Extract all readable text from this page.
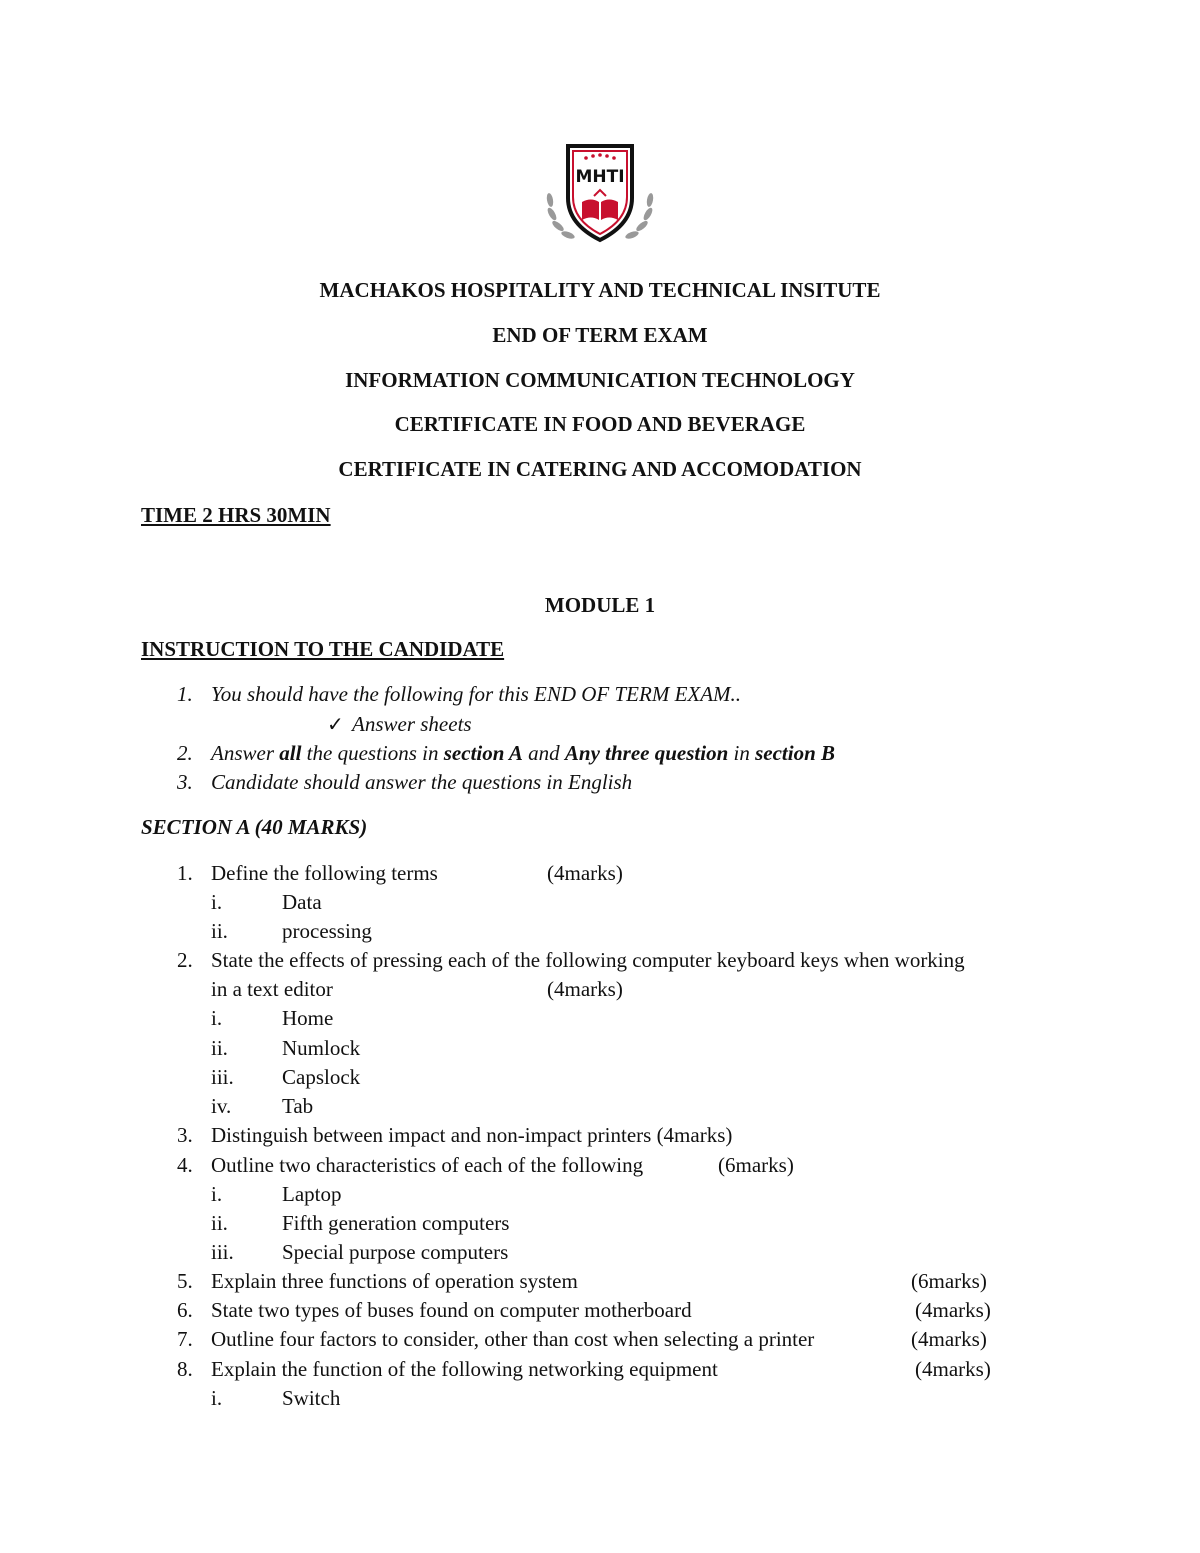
MHTI
MACHAKOS HOSPITALITY AND TECHNICAL INSITUTE
END OF TERM EXAM
INFORMATION COMMUNICATION TECHNOLOGY
CERTIFICATE IN FOOD AND BEVERAGE
CERTIFICATE IN CATERING AND ACCOMODATION
TIME 2 HRS 30MIN
MODULE 1
INSTRUCTION TO THE CANDIDATE
1. You should have the following for this END OF TERM EXAM..
✓ Answer sheets
2. Answer all the questions in section A and Any three question in section B
3. Candidate should answer the questions in English
SECTION A (40 MARKS)
1. Define the following terms	(4marks)
i.	Data
ii.	processing
2. State the effects of pressing each of the following computer keyboard keys when working
in a text editor	(4marks)
i.	Home
ii.	Numlock
iii. Capslock
iv. Tab
3. Distinguish between impact and non-impact printers (4marks)
4. Outline two characteristics of each of the following	(6marks)
i.	Laptop
ii.	Fifth generation computers
iii. Special purpose computers
5. Explain three functions of operation system	(6marks)
6. State two types of buses found on computer motherboard	(4marks)
7. Outline four factors to consider, other than cost when selecting a printer	(4marks)
8. Explain the function of the following networking equipment	(4marks)
i.	Switch
